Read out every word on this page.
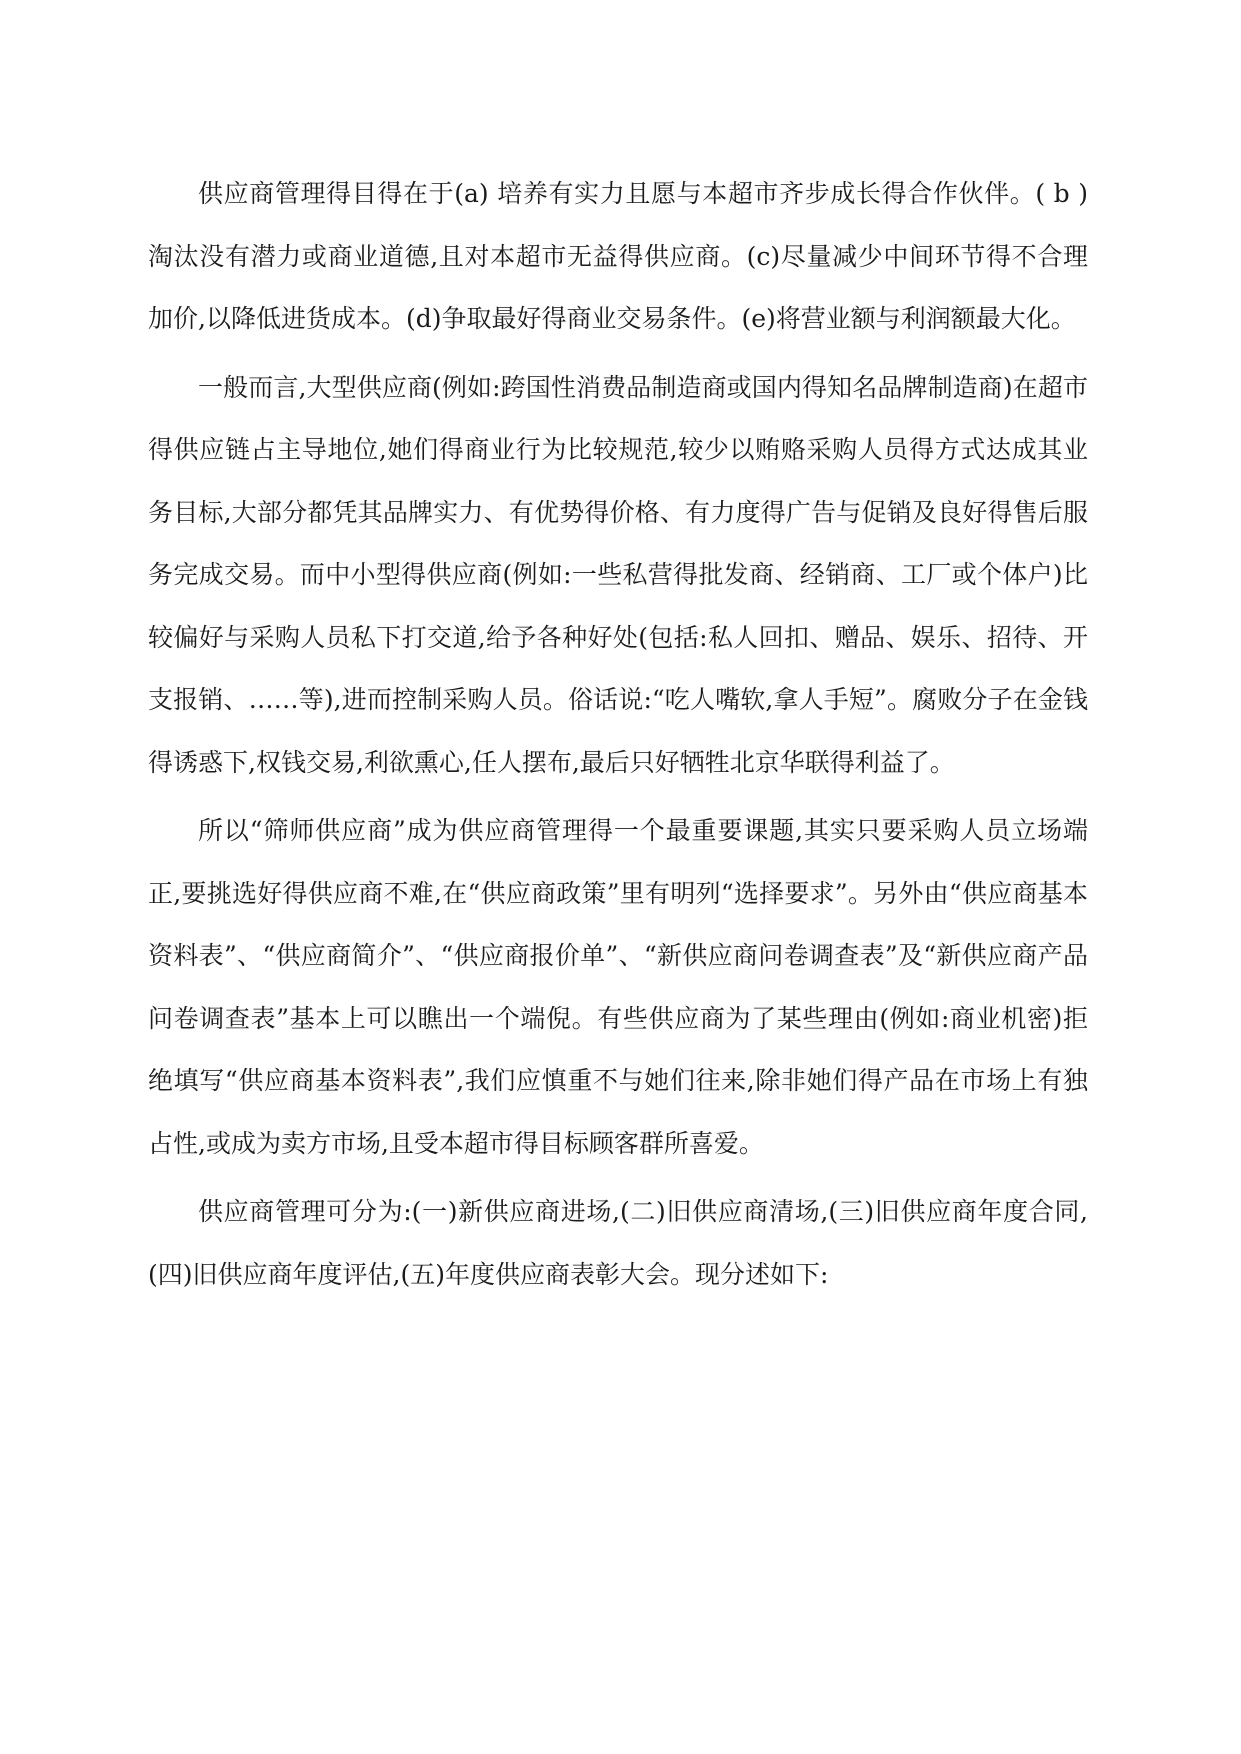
供应商管理得目得在于(a) 培养有实力且愿与本超市齐步成长得合作伙伴。( b )淘汰没有潜力或商业道德,且对本超市无益得供应商。(c)尽量减少中间环节得不合理加价,以降低进货成本。(d)争取最好得商业交易条件。(e)将营业额与利润额最大化。

一般而言,大型供应商(例如:跨国性消费品制造商或国内得知名品牌制造商)在超市得供应链占主导地位,她们得商业行为比较规范,较少以贿赂采购人员得方式达成其业务目标,大部分都凭其品牌实力、有优势得价格、有力度得广告与促销及良好得售后服务完成交易。而中小型得供应商(例如:一些私营得批发商、经销商、工厂或个体户)比较偏好与采购人员私下打交道,给予各种好处(包括:私人回扣、赠品、娱乐、招待、开支报销、……等),进而控制采购人员。俗话说:“吃人嘴软,拿人手短”。腐败分子在金钱得诱惑下,权钱交易,利欲熏心,任人摆布,最后只好牺牲北京华联得利益了。

所以“筛师供应商”成为供应商管理得一个最重要课题,其实只要采购人员立场端正,要挑选好得供应商不难,在“供应商政策”里有明列“选择要求”。另外由“供应商基本资料表”、“供应商简介”、“供应商报价单”、“新供应商问卷调查表”及“新供应商产品问卷调查表”基本上可以瞧出一个端倪。有些供应商为了某些理由(例如:商业机密)拒绝填写“供应商基本资料表”,我们应慎重不与她们往来,除非她们得产品在市场上有独占性,或成为卖方市场,且受本超市得目标顾客群所喜爱。

供应商管理可分为:(一)新供应商进场,(二)旧供应商清场,(三)旧供应商年度合同,(四)旧供应商年度评估,(五)年度供应商表彰大会。现分述如下:
